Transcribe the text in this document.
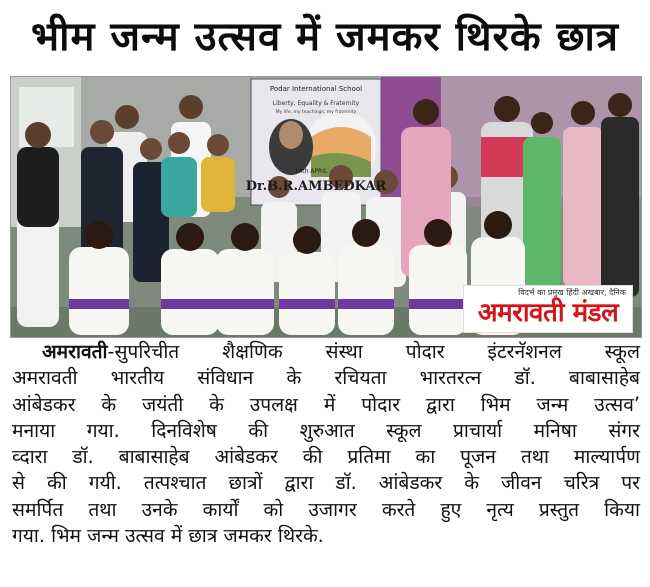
भीम जन्म उत्सव में जमकर थिरके छात्र
Podar International School
Liberty, Equality & Fraternity
My life, my teachings, my fraternity
14th APRIL
Dr.B.R.AMBEDKAR
विदर्भ का प्रमुख हिंदी अखबार, दैनिक
अमरावती मंडल
अमरावती-सुपरिचीत शैक्षणिक संस्था पोदार इंटरनॅशनल स्कूल
अमरावती भारतीय संविधान के रचियता भारतरत्न डॉ. बाबासाहेब
आंबेडकर के जयंती के उपलक्ष में पोदार द्वारा भिम जन्म उत्सव’
मनाया गया. दिनविशेष की शुरुआत स्कूल प्राचार्या मनिषा संगर
व्दारा डॉ. बाबासाहेब आंबेडकर की प्रतिमा का पूजन तथा माल्यार्पण
से की गयी. तत्पश्चात छात्रों द्वारा डॉ. आंबेडकर के जीवन चरित्र पर
समर्पित तथा उनके कार्यों को उजागर करते हुए नृत्य प्रस्तुत किया
गया. भिम जन्म उत्सव में छात्र जमकर थिरके.
